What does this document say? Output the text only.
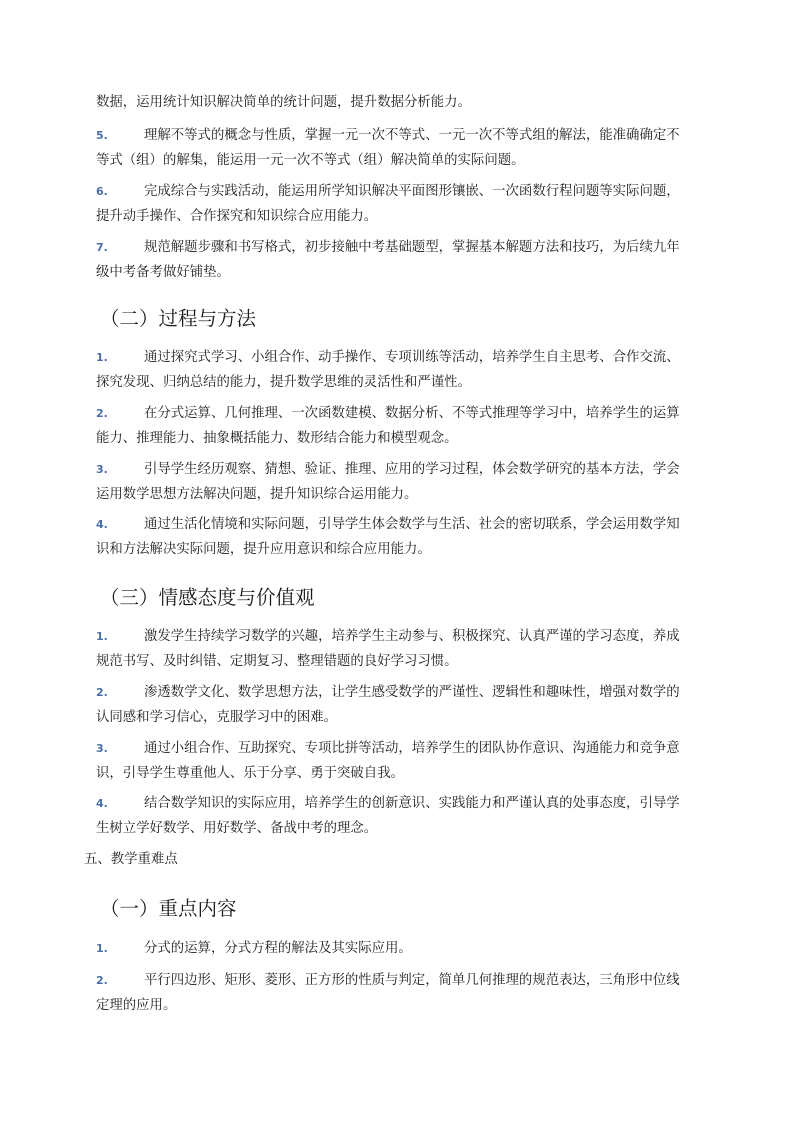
数据，运用统计知识解决简单的统计问题，提升数据分析能力。

5.	理解不等式的概念与性质，掌握一元一次不等式、一元一次不等式组的解法，能准确确定不等式（组）的解集，能运用一元一次不等式（组）解决简单的实际问题。

6.	完成综合与实践活动，能运用所学知识解决平面图形镶嵌、一次函数行程问题等实际问题，提升动手操作、合作探究和知识综合应用能力。

7.	规范解题步骤和书写格式，初步接触中考基础题型，掌握基本解题方法和技巧，为后续九年级中考备考做好铺垫。

（二）过程与方法

1.	通过探究式学习、小组合作、动手操作、专项训练等活动，培养学生自主思考、合作交流、探究发现、归纳总结的能力，提升数学思维的灵活性和严谨性。

2.	在分式运算、几何推理、一次函数建模、数据分析、不等式推理等学习中，培养学生的运算能力、推理能力、抽象概括能力、数形结合能力和模型观念。

3.	引导学生经历观察、猜想、验证、推理、应用的学习过程，体会数学研究的基本方法，学会运用数学思想方法解决问题，提升知识综合运用能力。

4.	通过生活化情境和实际问题，引导学生体会数学与生活、社会的密切联系，学会运用数学知识和方法解决实际问题，提升应用意识和综合应用能力。

（三）情感态度与价值观

1.	激发学生持续学习数学的兴趣，培养学生主动参与、积极探究、认真严谨的学习态度，养成规范书写、及时纠错、定期复习、整理错题的良好学习习惯。

2.	渗透数学文化、数学思想方法，让学生感受数学的严谨性、逻辑性和趣味性，增强对数学的认同感和学习信心，克服学习中的困难。

3.	通过小组合作、互助探究、专项比拼等活动，培养学生的团队协作意识、沟通能力和竞争意识，引导学生尊重他人、乐于分享、勇于突破自我。

4.	结合数学知识的实际应用，培养学生的创新意识、实践能力和严谨认真的处事态度，引导学生树立学好数学、用好数学、备战中考的理念。

五、教学重难点

（一）重点内容

1.	分式的运算，分式方程的解法及其实际应用。

2.	平行四边形、矩形、菱形、正方形的性质与判定，简单几何推理的规范表达，三角形中位线定理的应用。
